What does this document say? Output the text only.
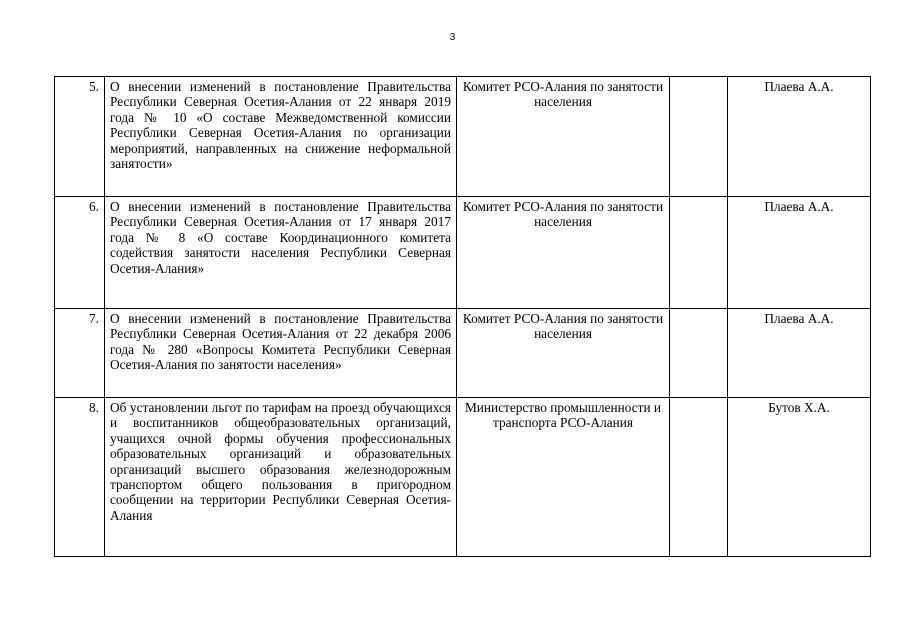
3
5.	О внесении изменений в постановление Правительства Республики Северная Осетия-Алания от 22 января 2019 года № 10 «О составе Межведомственной комиссии Республики Северная Осетия-Алания по организации мероприятий, направленных на снижение неформальной занятости»	Комитет РСО-Алания по занятости населения		Плаева А.А.
6.	О внесении изменений в постановление Правительства Республики Северная Осетия-Алания от 17 января 2017 года № 8 «О составе Координационного комитета содействия занятости населения Республики Северная Осетия-Алания»	Комитет РСО-Алания по занятости населения		Плаева А.А.
7.	О внесении изменений в постановление Правительства Республики Северная Осетия-Алания от 22 декабря 2006 года № 280 «Вопросы Комитета Республики Северная Осетия-Алания по занятости населения»	Комитет РСО-Алания по занятости населения		Плаева А.А.
8.	Об установлении льгот по тарифам на проезд обучающихся и воспитанников общеобразовательных организаций, учащихся очной формы обучения профессиональных образовательных организаций и образовательных организаций высшего образования железнодорожным транспортом общего пользования в пригородном сообщении на территории Республики Северная Осетия-Алания	Министерство промышленности и транспорта РСО-Алания		Бутов Х.А.
